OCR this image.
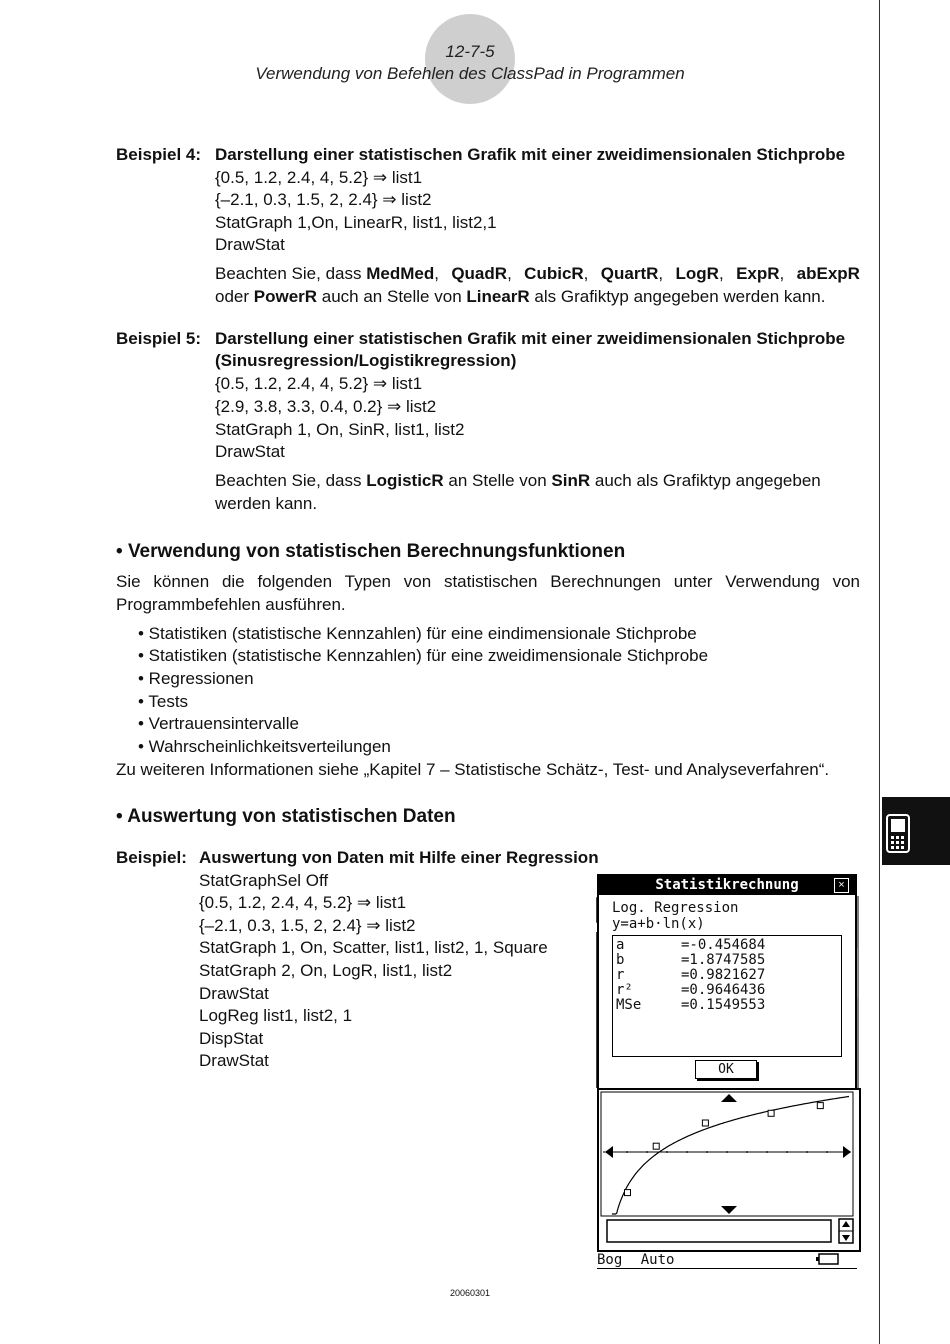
12-7-5
Verwendung von Befehlen des ClassPad in Programmen
Beispiel 4: Darstellung einer statistischen Grafik mit einer zweidimensionalen Stichprobe
{0.5, 1.2, 2.4, 4, 5.2} ⇒ list1
{–2.1, 0.3, 1.5, 2, 2.4} ⇒ list2
StatGraph 1,On, LinearR, list1, list2,1
DrawStat
Beachten Sie, dass MedMed, QuadR, CubicR, QuartR, LogR, ExpR, abExpR
oder PowerR auch an Stelle von LinearR als Grafiktyp angegeben werden kann.
Beispiel 5: Darstellung einer statistischen Grafik mit einer zweidimensionalen Stichprobe
(Sinusregression/Logistikregression)
{0.5, 1.2, 2.4, 4, 5.2} ⇒ list1
{2.9, 3.8, 3.3, 0.4, 0.2} ⇒ list2
StatGraph 1, On, SinR, list1, list2
DrawStat
Beachten Sie, dass LogisticR an Stelle von SinR auch als Grafiktyp angegeben
werden kann.
• Verwendung von statistischen Berechnungsfunktionen
Sie können die folgenden Typen von statistischen Berechnungen unter Verwendung von Programmbefehlen ausführen.
• Statistiken (statistische Kennzahlen) für eine eindimensionale Stichprobe
• Statistiken (statistische Kennzahlen) für eine zweidimensionale Stichprobe
• Regressionen
• Tests
• Vertrauensintervalle
• Wahrscheinlichkeitsverteilungen
Zu weiteren Informationen siehe „Kapitel 7 – Statistische Schätz-, Test- und Analyseverfahren“.
• Auswertung von statistischen Daten
Beispiel: Auswertung von Daten mit Hilfe einer Regression
StatGraphSel Off
{0.5, 1.2, 2.4, 4, 5.2} ⇒ list1
{–2.1, 0.3, 1.5, 2, 2.4} ⇒ list2
StatGraph 1, On, Scatter, list1, list2, 1, Square
StatGraph 2, On, LogR, list1, list2
DrawStat
LogReg list1, list2, 1
DispStat
DrawStat
Statistikrechnung	×
Log. Regression
y=a+b·ln(x)
a	=-0.454684
b	=1.8747585
r	=0.9821627
r²	=0.9646436
MSe	=0.1549553
OK
Bog Auto
20060301
